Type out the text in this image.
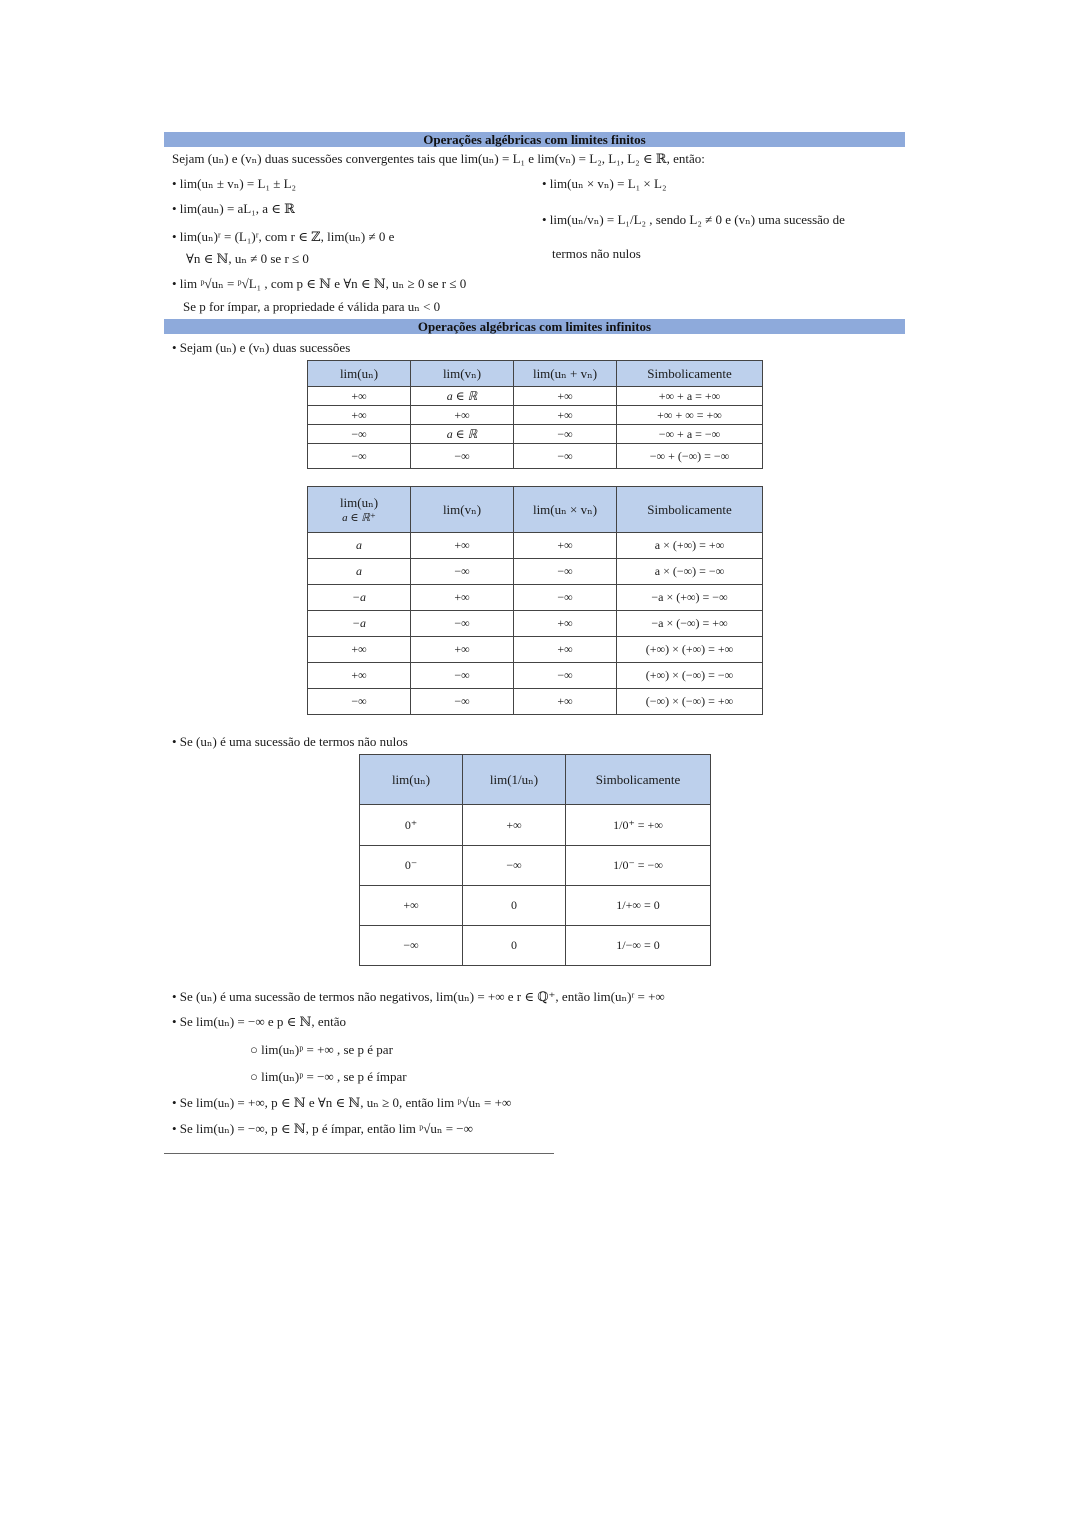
Operações algébricas com limites finitos
Sejam (uₙ) e (vₙ) duas sucessões convergentes tais que lim(uₙ) = L₁ e lim(vₙ) = L₂, L₁, L₂ ∈ ℝ, então:
• lim(uₙ ± vₙ) = L₁ ± L₂
• lim(auₙ) = aL₁, a ∈ ℝ
• lim(uₙ)ʳ = (L₁)ʳ, com r ∈ ℤ, lim(uₙ) ≠ 0 e
∀n ∈ ℕ, uₙ ≠ 0 se r ≤ 0
• lim ᵖ√uₙ = ᵖ√L₁ , com p ∈ ℕ e ∀n ∈ ℕ, uₙ ≥ 0 se r ≤ 0
Se p for ímpar, a propriedade é válida para uₙ < 0
• lim(uₙ × vₙ) = L₁ × L₂
• lim(uₙ/vₙ) = L₁/L₂ , sendo L₂ ≠ 0 e (vₙ) uma sucessão de
termos não nulos
Operações algébricas com limites infinitos
• Sejam (uₙ) e (vₙ) duas sucessões
lim(uₙ)	lim(vₙ)	lim(uₙ + vₙ)	Simbolicamente
+∞	a ∈ ℝ	+∞	+∞ + a = +∞
+∞	+∞	+∞	+∞ + ∞ = +∞
−∞	a ∈ ℝ	−∞	−∞ + a = −∞
−∞	−∞	−∞	−∞ + (−∞) = −∞
lim(uₙ)
a ∈ ℝ⁺	lim(vₙ)	lim(uₙ × vₙ)	Simbolicamente
a	+∞	+∞	a × (+∞) = +∞
a	−∞	−∞	a × (−∞) = −∞
−a	+∞	−∞	−a × (+∞) = −∞
−a	−∞	+∞	−a × (−∞) = +∞
+∞	+∞	+∞	(+∞) × (+∞) = +∞
+∞	−∞	−∞	(+∞) × (−∞) = −∞
−∞	−∞	+∞	(−∞) × (−∞) = +∞
• Se (uₙ) é uma sucessão de termos não nulos
lim(uₙ)	lim(1/uₙ)	Simbolicamente
0⁺	+∞	1/0⁺ = +∞
0⁻	−∞	1/0⁻ = −∞
+∞	0	1/+∞ = 0
−∞	0	1/−∞ = 0
• Se (uₙ) é uma sucessão de termos não negativos, lim(uₙ) = +∞ e r ∈ ℚ⁺, então lim(uₙ)ʳ = +∞
• Se lim(uₙ) = −∞ e p ∈ ℕ, então
○ lim(uₙ)ᵖ = +∞ , se p é par
○ lim(uₙ)ᵖ = −∞ , se p é ímpar
• Se lim(uₙ) = +∞, p ∈ ℕ e ∀n ∈ ℕ, uₙ ≥ 0, então lim ᵖ√uₙ = +∞
• Se lim(uₙ) = −∞, p ∈ ℕ, p é ímpar, então lim ᵖ√uₙ = −∞
